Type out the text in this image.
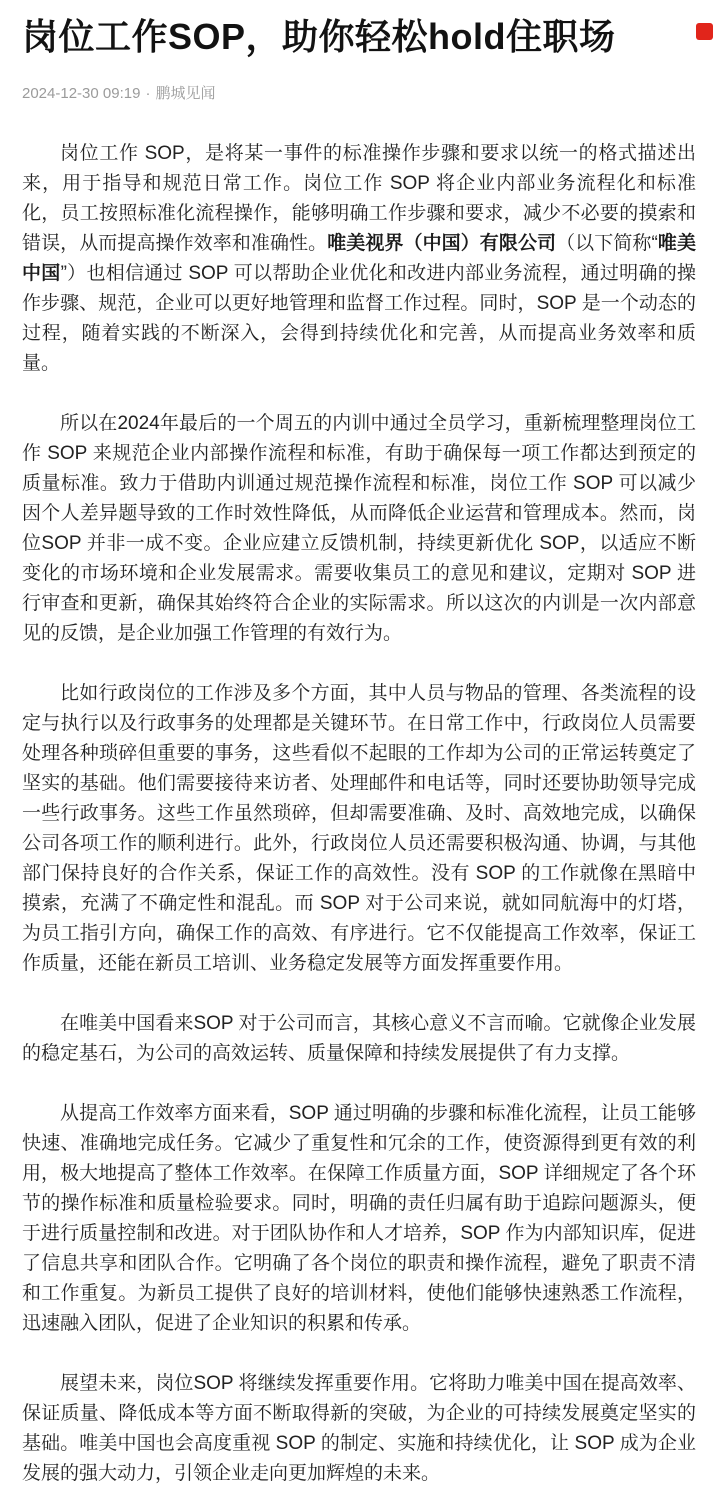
岗位工作SOP，助你轻松hold住职场
2024-12-30 09:19 · 鹏城见闻

岗位工作 SOP，是将某一事件的标准操作步骤和要求以统一的格式描述出来，用于指导和规范日常工作。岗位工作 SOP 将企业内部业务流程化和标准化，员工按照标准化流程操作，能够明确工作步骤和要求，减少不必要的摸索和错误，从而提高操作效率和准确性。唯美视界（中国）有限公司（以下简称“唯美中国”）也相信通过 SOP 可以帮助企业优化和改进内部业务流程，通过明确的操作步骤、规范，企业可以更好地管理和监督工作过程。同时，SOP 是一个动态的过程，随着实践的不断深入，会得到持续优化和完善，从而提高业务效率和质量。

所以在2024年最后的一个周五的内训中通过全员学习，重新梳理整理岗位工作 SOP 来规范企业内部操作流程和标准，有助于确保每一项工作都达到预定的质量标准。致力于借助内训通过规范操作流程和标准，岗位工作 SOP 可以减少因个人差异题导致的工作时效性降低，从而降低企业运营和管理成本。然而，岗位SOP 并非一成不变。企业应建立反馈机制，持续更新优化 SOP，以适应不断变化的市场环境和企业发展需求。需要收集员工的意见和建议，定期对 SOP 进行审查和更新，确保其始终符合企业的实际需求。所以这次的内训是一次内部意见的反馈，是企业加强工作管理的有效行为。

比如行政岗位的工作涉及多个方面，其中人员与物品的管理、各类流程的设定与执行以及行政事务的处理都是关键环节。在日常工作中，行政岗位人员需要处理各种琐碎但重要的事务，这些看似不起眼的工作却为公司的正常运转奠定了坚实的基础。他们需要接待来访者、处理邮件和电话等，同时还要协助领导完成一些行政事务。这些工作虽然琐碎，但却需要准确、及时、高效地完成，以确保公司各项工作的顺利进行。此外，行政岗位人员还需要积极沟通、协调，与其他部门保持良好的合作关系，保证工作的高效性。没有 SOP 的工作就像在黑暗中摸索，充满了不确定性和混乱。而 SOP 对于公司来说，就如同航海中的灯塔，为员工指引方向，确保工作的高效、有序进行。它不仅能提高工作效率，保证工作质量，还能在新员工培训、业务稳定发展等方面发挥重要作用。

在唯美中国看来SOP 对于公司而言，其核心意义不言而喻。它就像企业发展的稳定基石，为公司的高效运转、质量保障和持续发展提供了有力支撑。

从提高工作效率方面来看，SOP 通过明确的步骤和标准化流程，让员工能够快速、准确地完成任务。它减少了重复性和冗余的工作，使资源得到更有效的利用，极大地提高了整体工作效率。在保障工作质量方面，SOP 详细规定了各个环节的操作标准和质量检验要求。同时，明确的责任归属有助于追踪问题源头，便于进行质量控制和改进。对于团队协作和人才培养，SOP 作为内部知识库，促进了信息共享和团队合作。它明确了各个岗位的职责和操作流程，避免了职责不清和工作重复。为新员工提供了良好的培训材料，使他们能够快速熟悉工作流程，迅速融入团队，促进了企业知识的积累和传承。

展望未来，岗位SOP 将继续发挥重要作用。它将助力唯美中国在提高效率、保证质量、降低成本等方面不断取得新的突破，为企业的可持续发展奠定坚实的基础。唯美中国也会高度重视 SOP 的制定、实施和持续优化，让 SOP 成为企业发展的强大动力，引领企业走向更加辉煌的未来。
